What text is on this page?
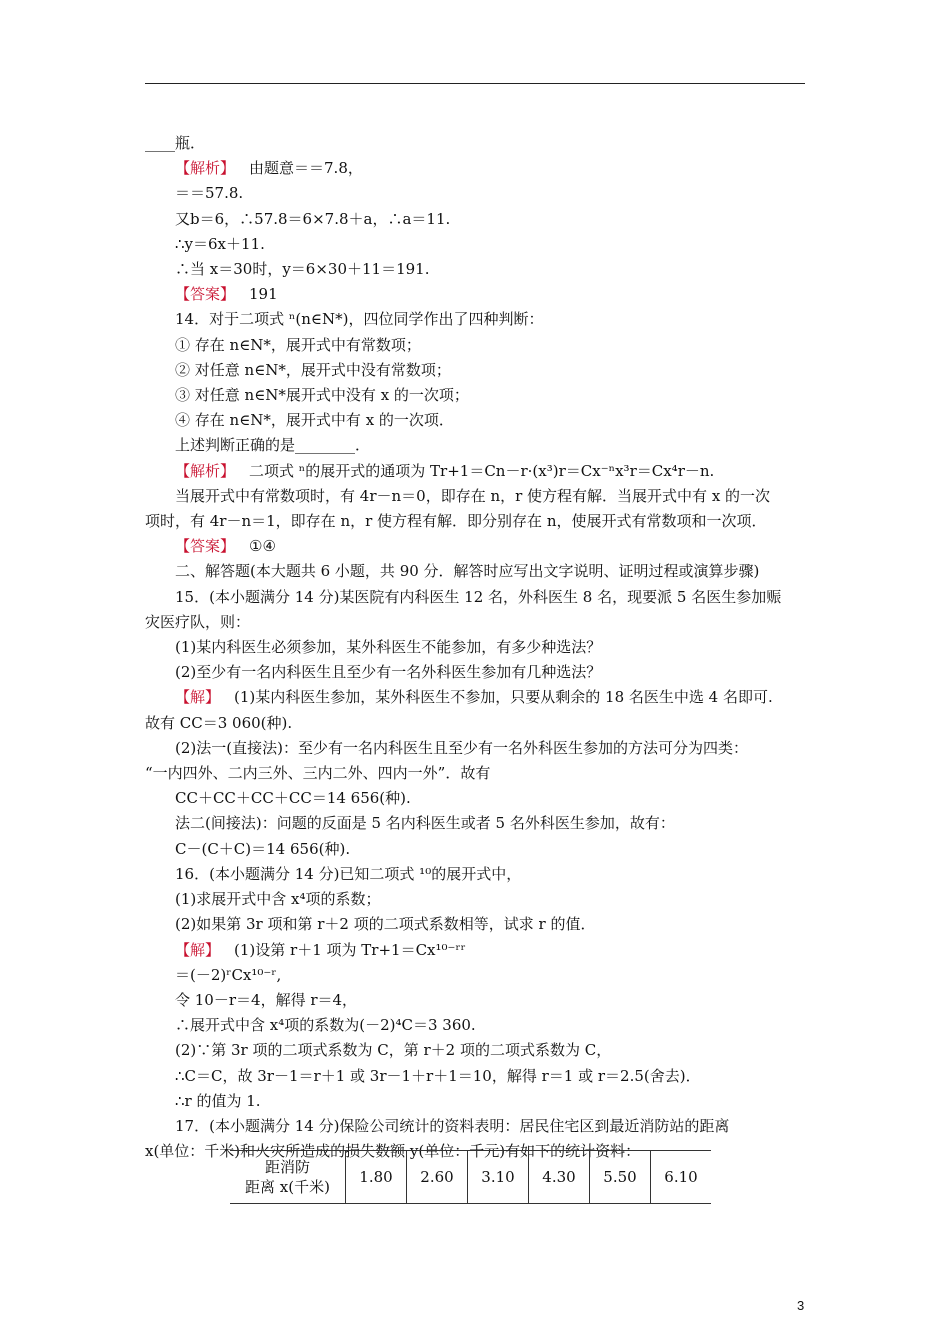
____瓶．

【解析】 由题意＝＝7.8，

＝＝57.8.

又b＝6，∴57.8＝6×7.8＋a，∴a＝11.

∴y＝6x＋11.

∴当 x＝30时，y＝6×30＋11＝191.

【答案】 191

14．对于二项式 ⁿ(n∈N*)，四位同学作出了四种判断：

① 存在 n∈N*，展开式中有常数项；

② 对任意 n∈N*，展开式中没有常数项；

③ 对任意 n∈N*展开式中没有 x 的一次项；

④ 存在 n∈N*，展开式中有 x 的一次项．

上述判断正确的是________．

【解析】 二项式 ⁿ的展开式的通项为 Tr+1＝Cn－r·(x³)r＝Cx⁻ⁿx³r＝Cx⁴r－n.

当展开式中有常数项时，有 4r－n＝0，即存在 n，r 使方程有解．当展开式中有 x 的一次

项时，有 4r－n＝1，即存在 n，r 使方程有解．即分别存在 n，使展开式有常数项和一次项．

【答案】 ①④

二、解答题(本大题共 6 小题，共 90 分．解答时应写出文字说明、证明过程或演算步骤)

15．(本小题满分 14 分)某医院有内科医生 12 名，外科医生 8 名，现要派 5 名医生参加赈

灾医疗队，则：

(1)某内科医生必须参加，某外科医生不能参加，有多少种选法？

(2)至少有一名内科医生且至少有一名外科医生参加有几种选法？

【解】 (1)某内科医生参加，某外科医生不参加，只要从剩余的 18 名医生中选 4 名即可.

故有 CC＝3 060(种).

(2)法一(直接法)：至少有一名内科医生且至少有一名外科医生参加的方法可分为四类：

“一内四外、二内三外、三内二外、四内一外”．故有

CC＋CC＋CC＋CC＝14 656(种).

法二(间接法)：问题的反面是 5 名内科医生或者 5 名外科医生参加，故有：

C－(C＋C)＝14 656(种).

16．(本小题满分 14 分)已知二项式 ¹⁰的展开式中，

(1)求展开式中含 x⁴项的系数；

(2)如果第 3r 项和第 r＋2 项的二项式系数相等，试求 r 的值．

【解】 (1)设第 r＋1 项为 Tr+1＝Cx¹⁰⁻ʳʳ

＝(－2)ʳCx¹⁰⁻ʳ,

令 10－r＝4，解得 r＝4，

∴展开式中含 x⁴项的系数为(－2)⁴C＝3 360.

(2)∵第 3r 项的二项式系数为 C，第 r＋2 项的二项式系数为 C，

∴C＝C，故 3r－1＝r＋1 或 3r－1＋r＋1＝10，解得 r＝1 或 r＝2.5(舍去)．

∴r 的值为 1.

17．(本小题满分 14 分)保险公司统计的资料表明：居民住宅区到最近消防站的距离

x(单位：千米)和火灾所造成的损失数额 y(单位：千元)有如下的统计资料：

距消防
距离 x(千米)
	1.80	2.60	3.10	4.30	5.50	6.10
3
